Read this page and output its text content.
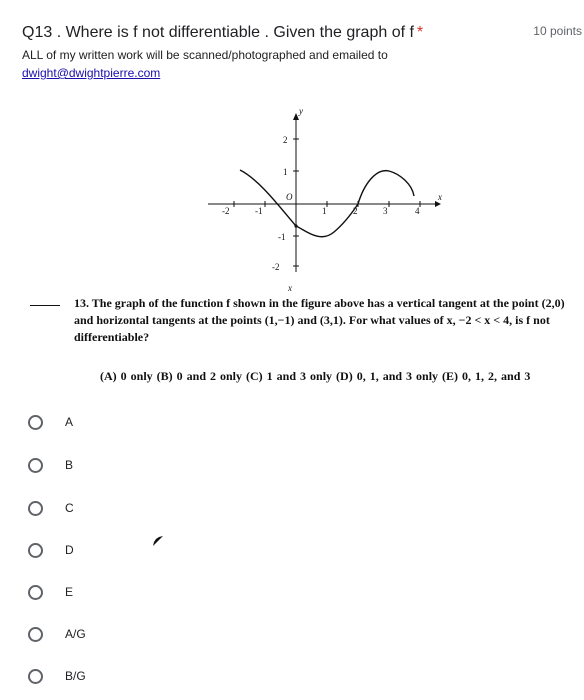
Q13 . Where is f not differentiable . Given the graph of f *	10 points
ALL of my written work will be scanned/photographed and emailed to
dwight@dwightpierre.com
-2	-1	1	2	3	4
2
1
-1
-2
O	x
y
x
13. The graph of the function f shown in the figure above has a vertical tangent at the point (2,0) and horizontal tangents at the points (1,−1) and (3,1). For what values of x, −2 < x < 4, is f not differentiable?
(A) 0 only (B) 0 and 2 only (C) 1 and 3 only (D) 0, 1, and 3 only (E) 0, 1, 2, and 3
A
B
C
D
E
A/G
B/G
